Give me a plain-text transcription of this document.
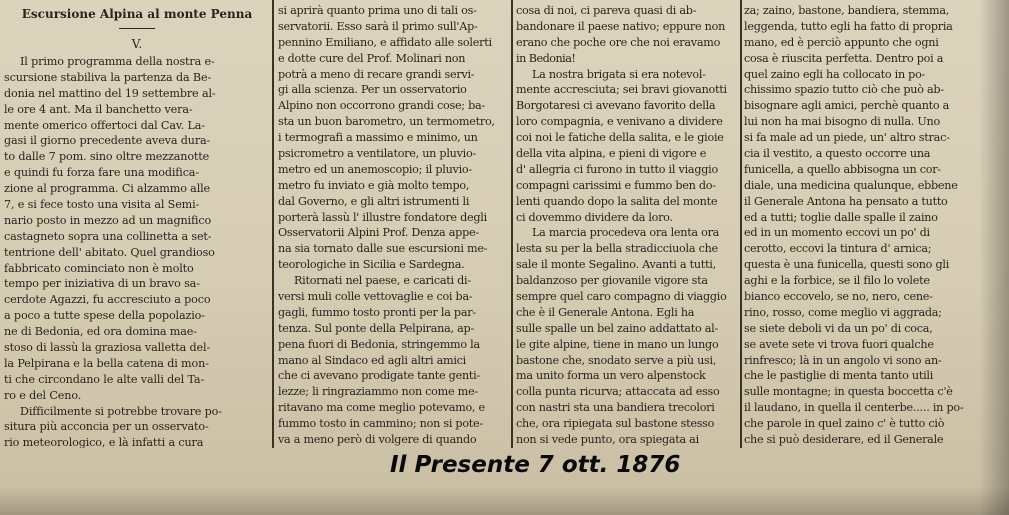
Escursione Alpina al monte Penna
V.
Il primo programma della nostra e-
scursione stabiliva la partenza da Be-
donia nel mattino del 19 settembre al-
le ore 4 ant. Ma il banchetto vera-
mente omerico offertoci dal Cav. La-
gasi il giorno precedente aveva dura-
to dalle 7 pom. sino oltre mezzanotte
e quindi fu forza fare una modifica-
zione al programma. Ci alzammo alle
7, e si fece tosto una visita al Semi-
nario posto in mezzo ad un magnifico
castagneto sopra una collinetta a set-
tentrione dell' abitato. Quel grandioso
fabbricato cominciato non è molto
tempo per iniziativa di un bravo sa-
cerdote Agazzi, fu accresciuto a poco
a poco a tutte spese della popolazio-
ne di Bedonia, ed ora domina mae-
stoso di lassù la graziosa valletta del-
la Pelpirana e la bella catena di mon-
ti che circondano le alte valli del Ta-
ro e del Ceno.
Difficilmente si potrebbe trovare po-
situra più acconcia per un osservato-
rio meteorologico, e là infatti a cura
si aprirà quanto prima uno di tali os-
servatorii. Esso sarà il primo sull'Ap-
pennino Emiliano, e affidato alle solerti
e dotte cure del Prof. Molinari non
potrà a meno di recare grandi servi-
gi alla scienza. Per un osservatorio
Alpino non occorrono grandi cose; ba-
sta un buon barometro, un termometro,
i termografi a massimo e minimo, un
psicrometro a ventilatore, un pluvio-
metro ed un anemoscopio; il pluvio-
metro fu inviato e già molto tempo,
dal Governo, e gli altri istrumenti li
porterà lassù l' illustre fondatore degli
Osservatorii Alpini Prof. Denza appe-
na sia tornato dalle sue escursioni me-
teorologiche in Sicilia e Sardegna.
Ritornati nel paese, e caricati di-
versi muli colle vettovaglie e coi ba-
gagli, fummo tosto pronti per la par-
tenza. Sul ponte della Pelpirana, ap-
pena fuori di Bedonia, stringemmo la
mano al Sindaco ed agli altri amici
che ci avevano prodigate tante genti-
lezze; li ringraziammo non come me-
ritavano ma come meglio potevamo, e
fummo tosto in cammino; non si pote-
va a meno però di volgere di quando
cosa di noi, ci pareva quasi di ab-
bandonare il paese nativo; eppure non
erano che poche ore che noi eravamo
in Bedonia!
La nostra brigata si era notevol-
mente accresciuta; sei bravi giovanotti
Borgotaresi ci avevano favorito della
loro compagnia, e venivano a dividere
coi noi le fatiche della salita, e le gioie
della vita alpina, e pieni di vigore e
d' allegria ci furono in tutto il viaggio
compagni carissimi e fummo ben do-
lenti quando dopo la salita del monte
ci dovemmo dividere da loro.
La marcia procedeva ora lenta ora
lesta su per la bella stradicciuola che
sale il monte Segalino. Avanti a tutti,
baldanzoso per giovanile vigore sta
sempre quel caro compagno di viaggio
che è il Generale Antona. Egli ha
sulle spalle un bel zaino addattato al-
le gite alpine, tiene in mano un lungo
bastone che, snodato serve a più usi,
ma unito forma un vero alpenstock
colla punta ricurva; attaccata ad esso
con nastri sta una bandiera trecolori
che, ora ripiegata sul bastone stesso
non si vede punto, ora spiegata ai
za; zaino, bastone, bandiera, stemma,
leggenda, tutto egli ha fatto di propria
mano, ed è perciò appunto che ogni
cosa è riuscita perfetta. Dentro poi a
quel zaino egli ha collocato in po-
chissimo spazio tutto ciò che può ab-
bisognare agli amici, perchè quanto a
lui non ha mai bisogno di nulla. Uno
si fa male ad un piede, un' altro strac-
cia il vestito, a questo occorre una
funicella, a quello abbisogna un cor-
diale, una medicina qualunque, ebbene
il Generale Antona ha pensato a tutto
ed a tutti; toglie dalle spalle il zaino
ed in un momento eccovi un po' di
cerotto, eccovi la tintura d' arnica;
questa è una funicella, questi sono gli
aghi e la forbice, se il filo lo volete
bianco eccovelo, se no, nero, cene-
rino, rosso, come meglio vi aggrada;
se siete deboli vi da un po' di coca,
se avete sete vi trova fuori qualche
rinfresco; là in un angolo vi sono an-
che le pastiglie di menta tanto utili
sulle montagne; in questa boccetta c'è
il laudano, in quella il centerbe..... in po-
che parole in quel zaino c' è tutto ciò
che si può desiderare, ed il Generale
Il Presente 7 ott. 1876
